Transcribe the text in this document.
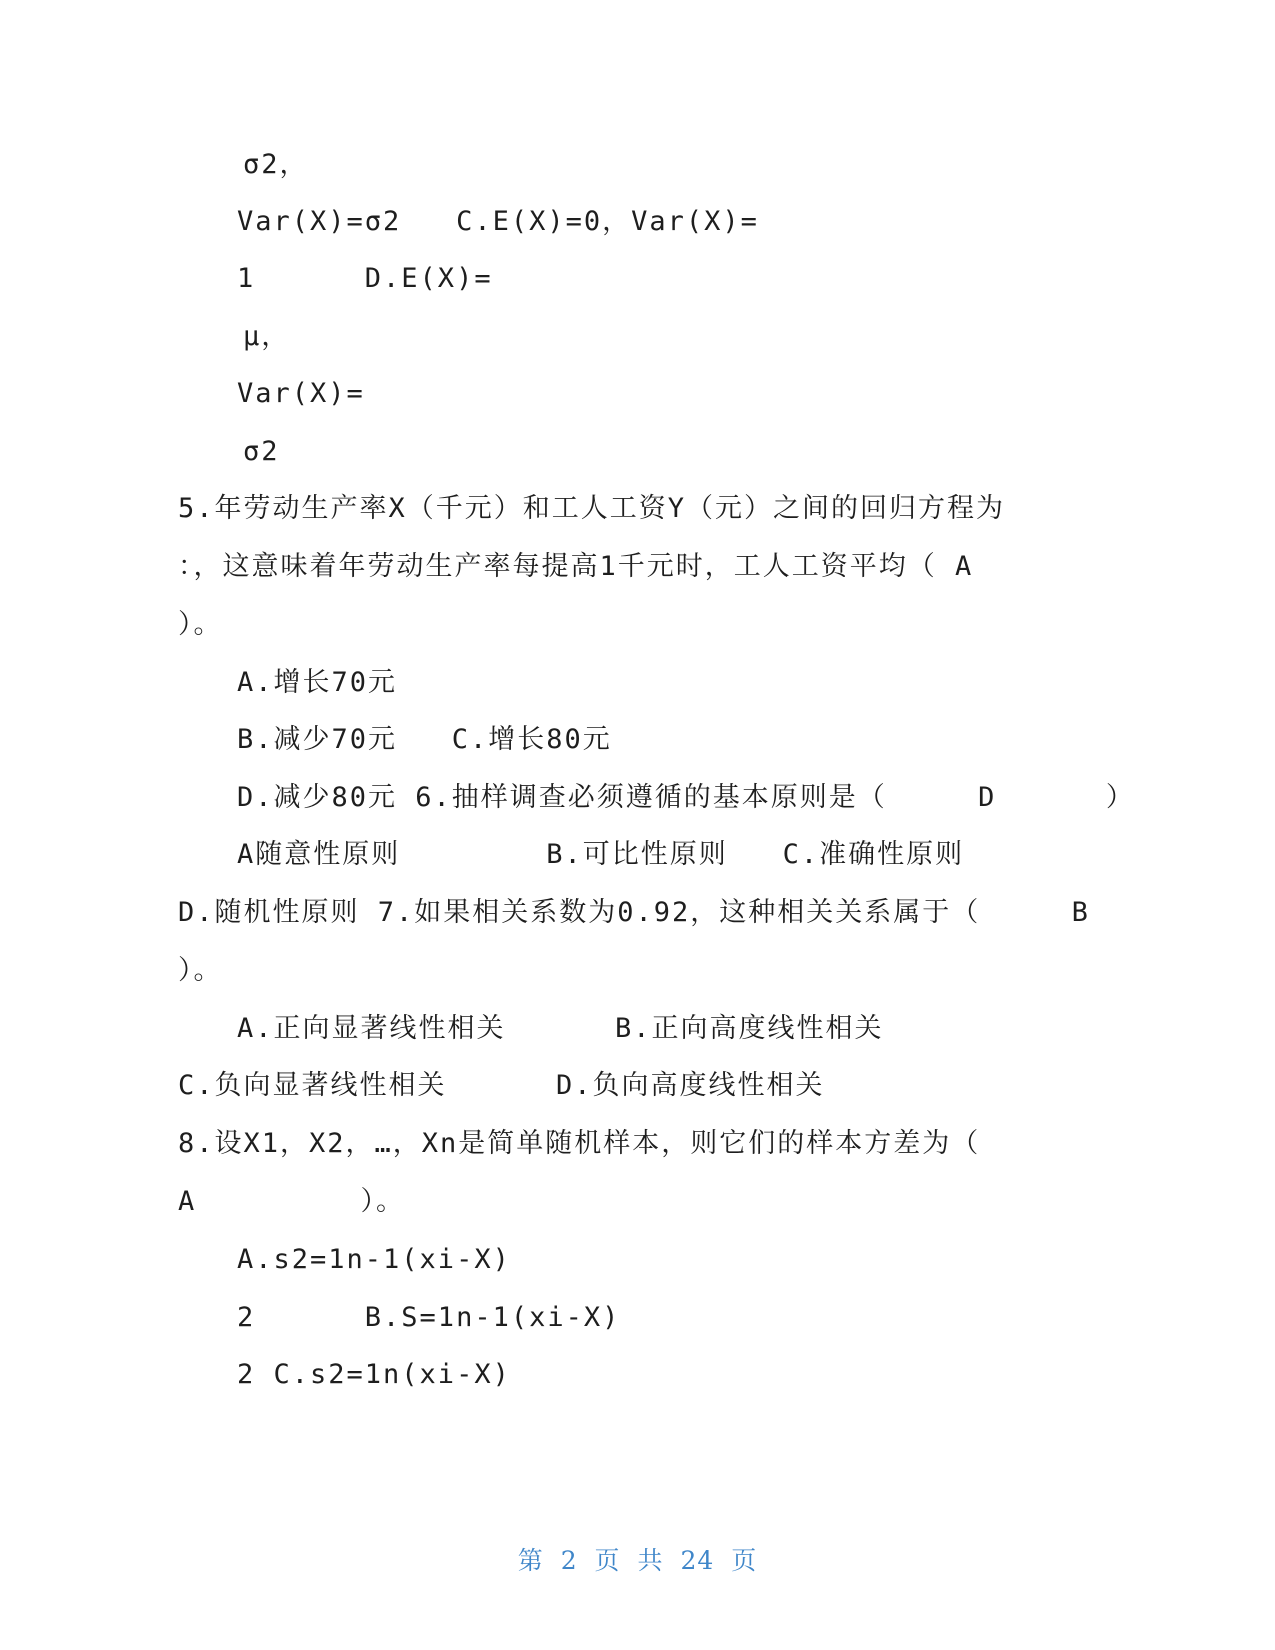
σ2，
Var(X)=σ2   C.E(X)=0，Var(X)=
1      D.E(X)=
μ，
Var(X)=
σ2
5.年劳动生产率X（千元）和工人工资Y（元）之间的回归方程为
：，这意味着年劳动生产率每提高1千元时，工人工资平均（ A
）。
A.增长70元
B.减少70元   C.增长80元
D.减少80元 6.抽样调查必须遵循的基本原则是（     D      ）
A随意性原则        B.可比性原则   C.准确性原则
D.随机性原则 7.如果相关系数为0.92，这种相关关系属于（     B
）。
A.正向显著线性相关      B.正向高度线性相关
C.负向显著线性相关      D.负向高度线性相关
8.设X1，X2，…，Xn是简单随机样本，则它们的样本方差为（
A         ）。
A.s2=1n-1(xi-X)
2      B.S=1n-1(xi-X)
2 C.s2=1n(xi-X)
第 2 页 共 24 页
